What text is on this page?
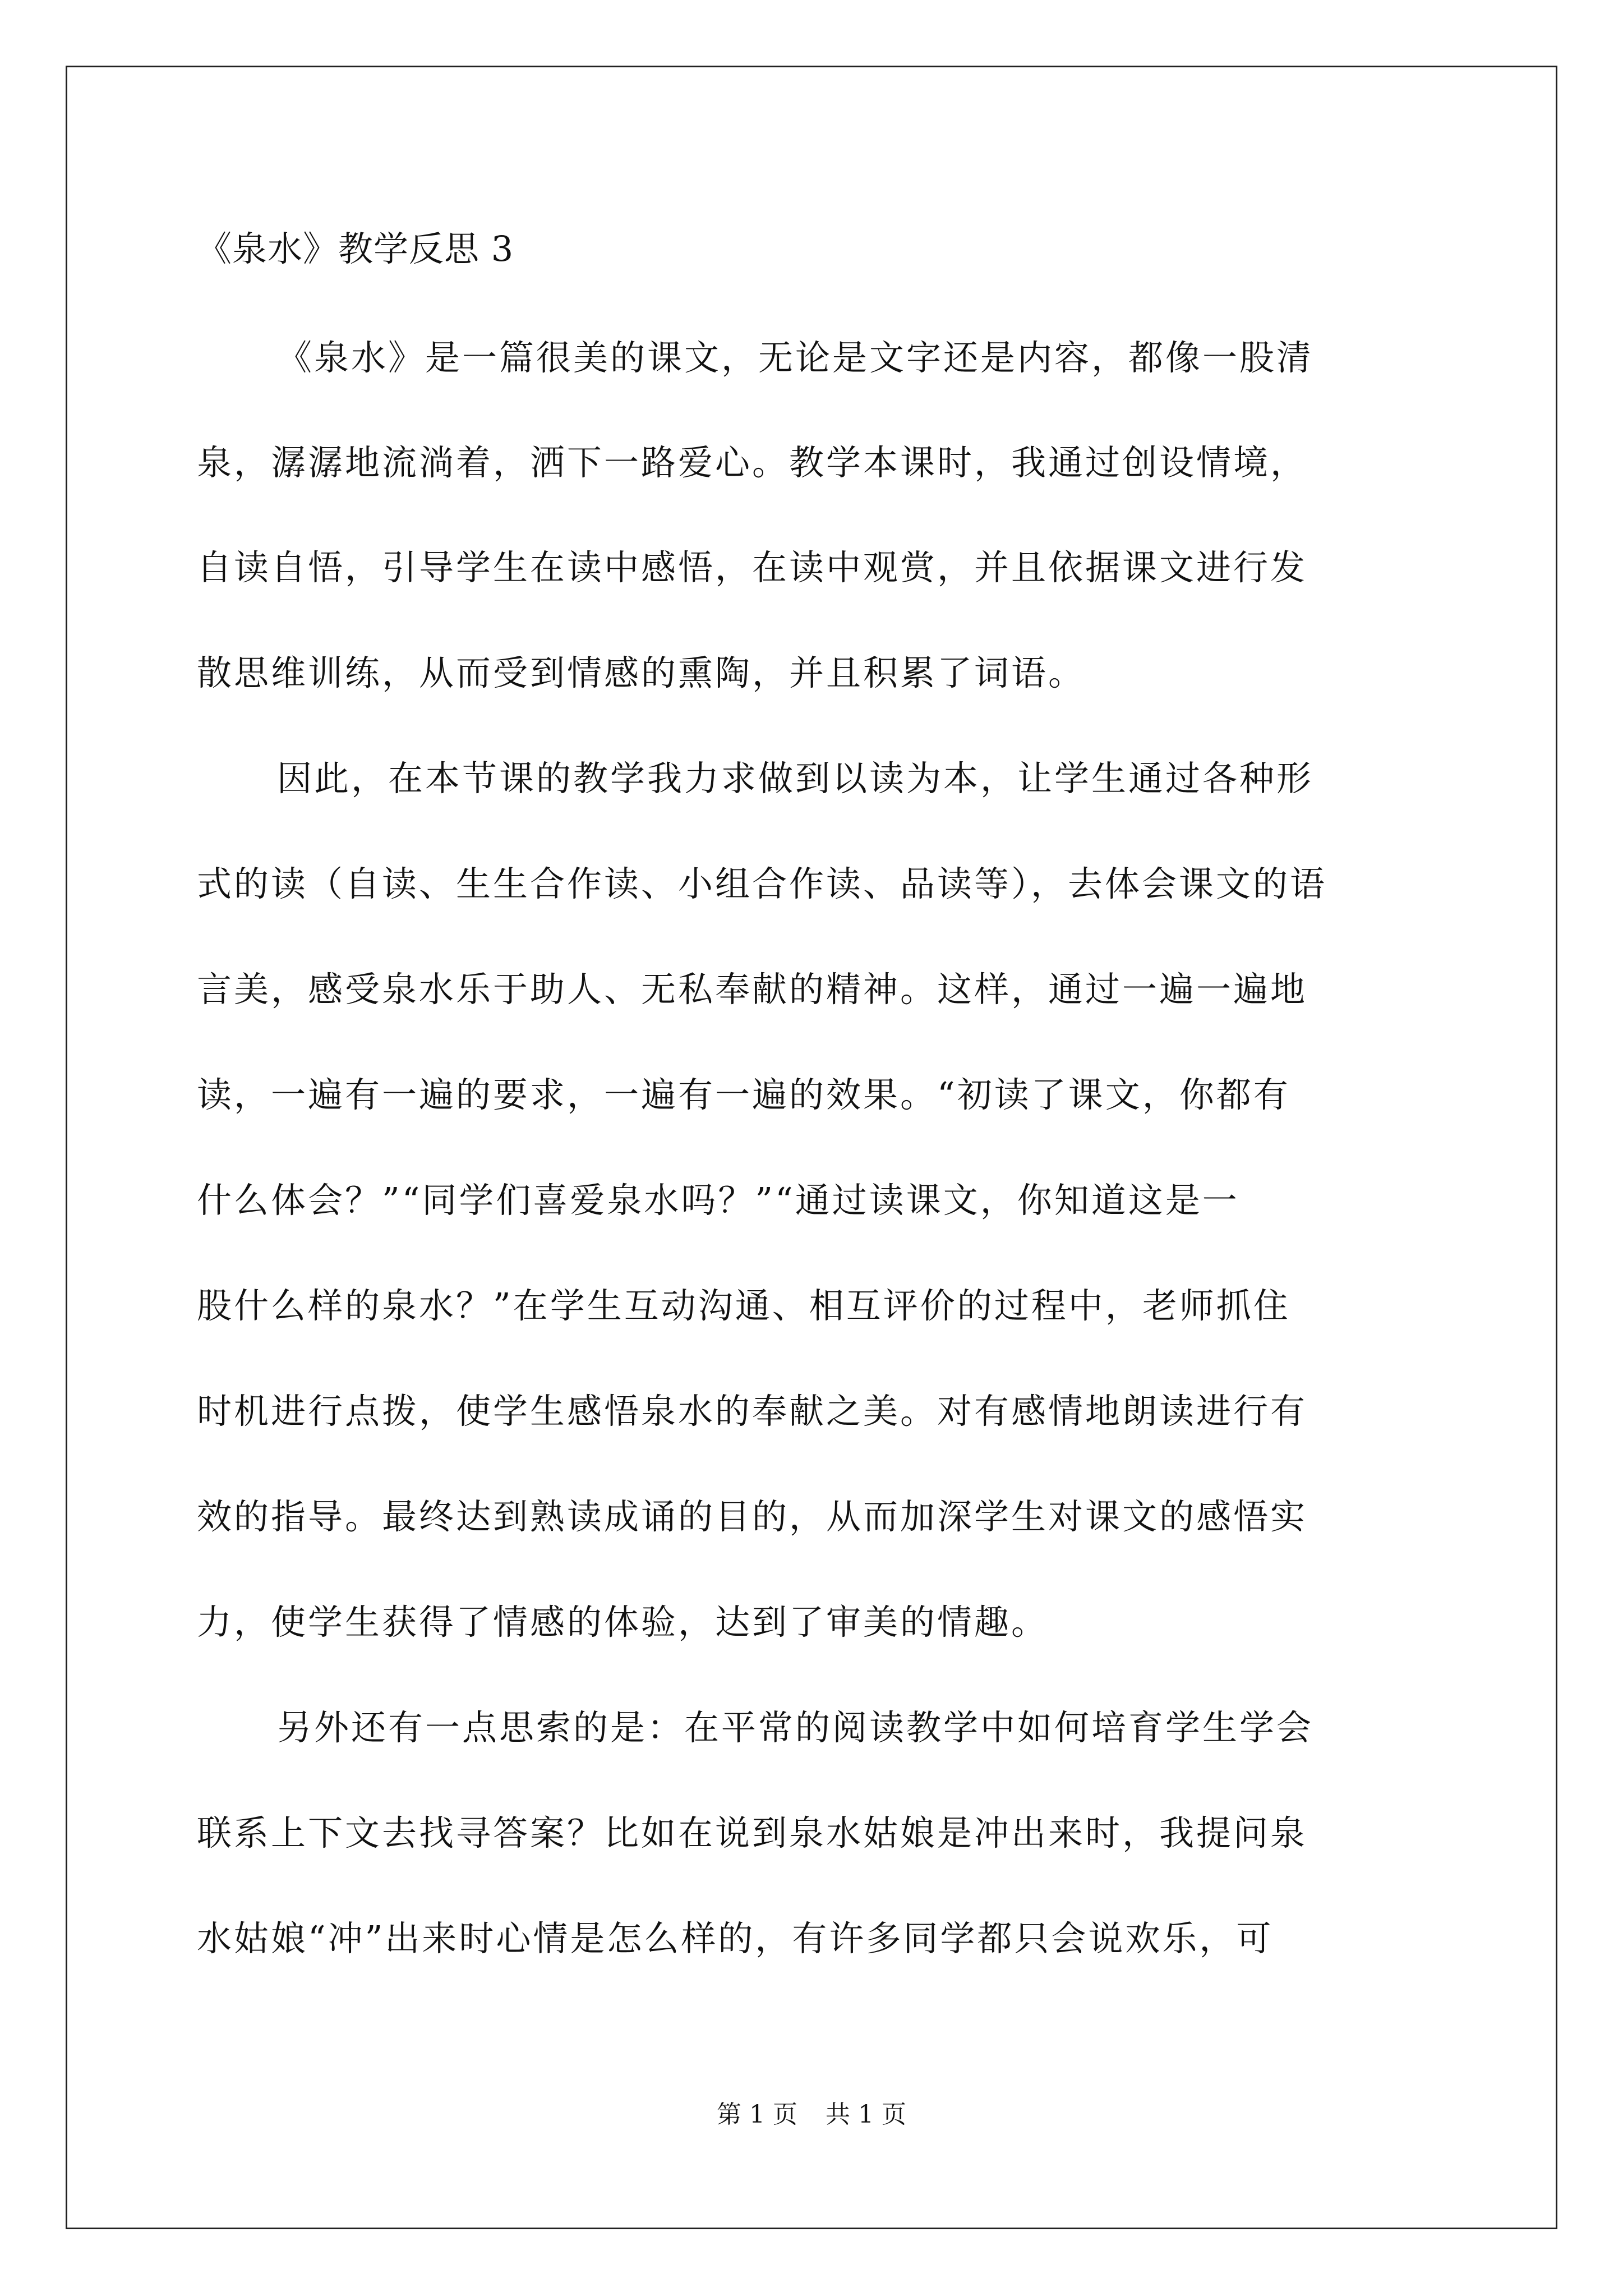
《泉水》教学反思 3
《泉水》是一篇很美的课文，无论是文字还是内容，都像一股清
泉，潺潺地流淌着，洒下一路爱心。教学本课时，我通过创设情境，
自读自悟，引导学生在读中感悟，在读中观赏，并且依据课文进行发
散思维训练，从而受到情感的熏陶，并且积累了词语。
因此，在本节课的教学我力求做到以读为本，让学生通过各种形
式的读（自读、生生合作读、小组合作读、品读等），去体会课文的语
言美，感受泉水乐于助人、无私奉献的精神。这样，通过一遍一遍地
读，一遍有一遍的要求，一遍有一遍的效果。“初读了课文，你都有
什么体会？”“同学们喜爱泉水吗？”“通过读课文，你知道这是一
股什么样的泉水？”在学生互动沟通、相互评价的过程中，老师抓住
时机进行点拨，使学生感悟泉水的奉献之美。对有感情地朗读进行有
效的指导。最终达到熟读成诵的目的，从而加深学生对课文的感悟实
力，使学生获得了情感的体验，达到了审美的情趣。
另外还有一点思索的是：在平常的阅读教学中如何培育学生学会
联系上下文去找寻答案？比如在说到泉水姑娘是冲出来时，我提问泉
水姑娘“冲”出来时心情是怎么样的，有许多同学都只会说欢乐，可
第 1 页 共 1 页
